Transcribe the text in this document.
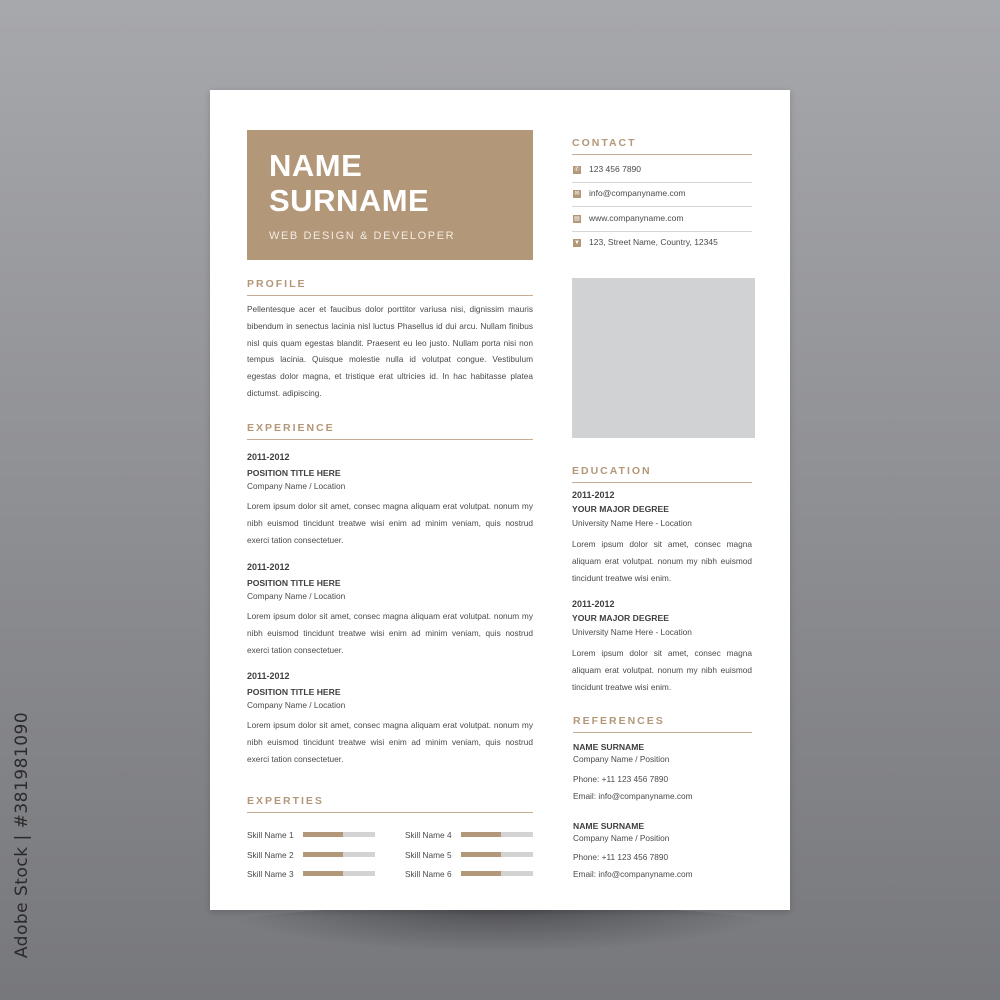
Adobe Stock | #381981090
NAME
SURNAME
WEB DESIGN & DEVELOPER
PROFILE

Pellentesque acer et faucibus dolor porttitor variusa nisi, dignissim mauris bibendum in senectus lacinia nisl luctus Phasellus id dui arcu. Nullam finibus nisl quis quam egestas blandit. Praesent eu leo justo. Nullam porta nisi non tempus lacinia. Quisque molestie nulla id volutpat congue. Vestibulum egestas dolor magna, et tristique erat ultricies id. In hac habitasse platea dictumst. adipiscing.

EXPERIENCE
2011-2012
POSITION TITLE HERE
Company Name / Location

Lorem ipsum dolor sit amet, consec magna aliquam erat volutpat. nonum my nibh euismod tincidunt treatwe wisi enim ad minim veniam, quis nostrud exerci tation consectetuer.

2011-2012
POSITION TITLE HERE
Company Name / Location

Lorem ipsum dolor sit amet, consec magna aliquam erat volutpat. nonum my nibh euismod tincidunt treatwe wisi enim ad minim veniam, quis nostrud exerci tation consectetuer.

2011-2012
POSITION TITLE HERE
Company Name / Location

Lorem ipsum dolor sit amet, consec magna aliquam erat volutpat. nonum my nibh euismod tincidunt treatwe wisi enim ad minim veniam, quis nostrud exerci tation consectetuer.

EXPERTIES
Skill Name 1
Skill Name 2
Skill Name 3
Skill Name 4
Skill Name 5
Skill Name 6
CONTACT
✆ 123 456 7890
✉ info@companyname.com
▤ www.companyname.com
▼ 123, Street Name, Country, 12345
EDUCATION
2011-2012
YOUR MAJOR DEGREE
University Name Here - Location

Lorem ipsum dolor sit amet, consec magna aliquam erat volutpat. nonum my nibh euismod tincidunt treatwe wisi enim.

2011-2012
YOUR MAJOR DEGREE
University Name Here - Location

Lorem ipsum dolor sit amet, consec magna aliquam erat volutpat. nonum my nibh euismod tincidunt treatwe wisi enim.

REFERENCES
NAME SURNAME
Company Name / Position
Phone: +11 123 456 7890
Email: info@companyname.com
NAME SURNAME
Company Name / Position
Phone: +11 123 456 7890
Email: info@companyname.com
